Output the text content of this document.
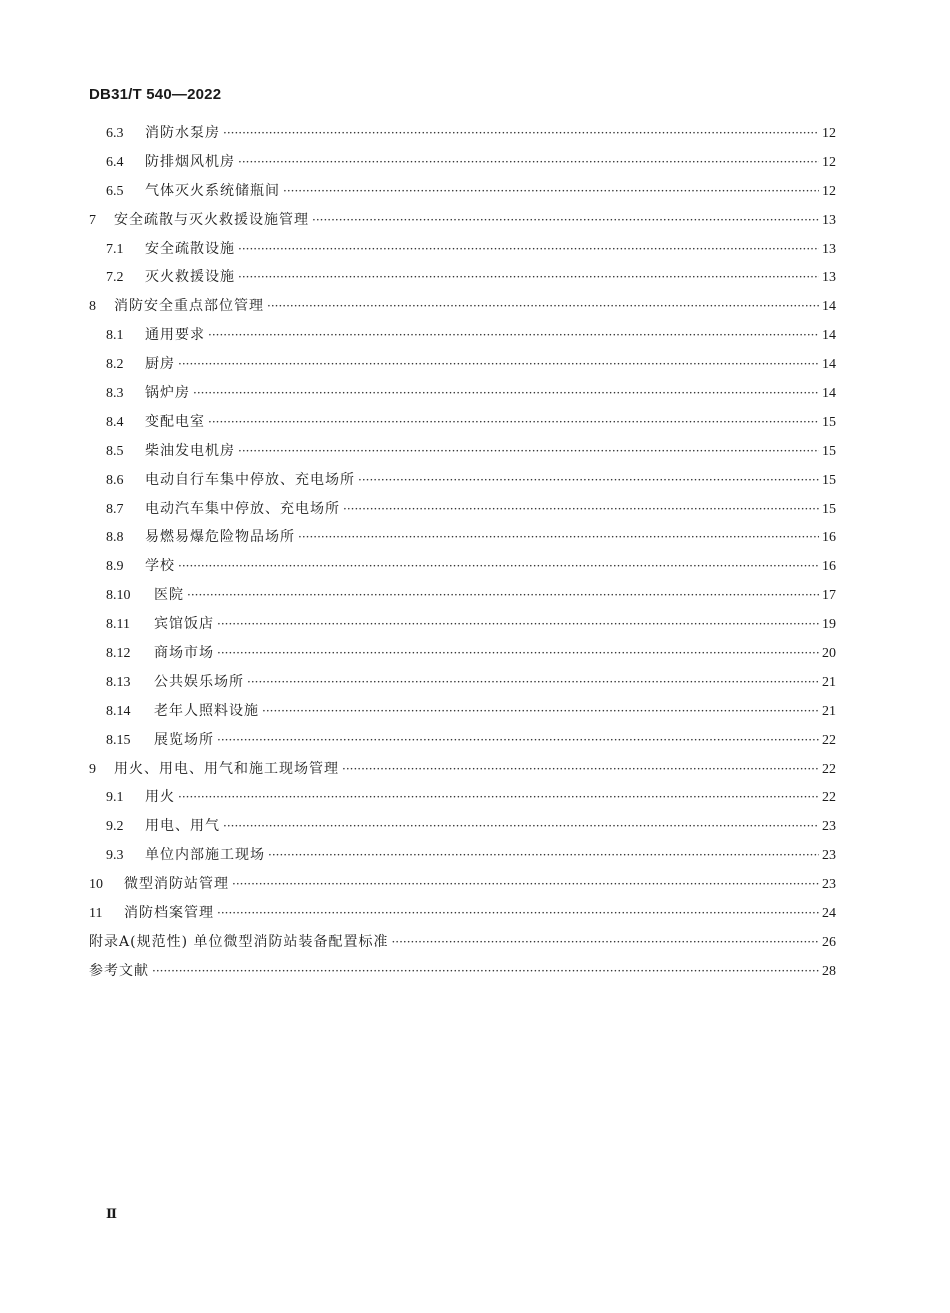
DB31/T 540—2022
6.3	消防水泵房 ·····	12
6.4	防排烟风机房 ·····	12
6.5	气体灭火系统储瓶间 ·····	12
7	安全疏散与灭火救援设施管理 ·····	13
7.1	安全疏散设施 ·····	13
7.2	灭火救援设施 ·····	13
8	消防安全重点部位管理 ·····	14
8.1	通用要求 ·····	14
8.2	厨房 ·····	14
8.3	锅炉房 ·····	14
8.4	变配电室 ·····	15
8.5	柴油发电机房 ·····	15
8.6	电动自行车集中停放、充电场所 ·····	15
8.7	电动汽车集中停放、充电场所 ·····	15
8.8	易燃易爆危险物品场所 ·····	16
8.9	学校 ·····	16
8.10	医院 ·····	17
8.11	宾馆饭店 ·····	19
8.12	商场市场 ·····	20
8.13	公共娱乐场所 ·····	21
8.14	老年人照料设施 ·····	21
8.15	展览场所 ·····	22
9	用火、用电、用气和施工现场管理 ·····	22
9.1	用火 ·····	22
9.2	用电、用气 ·····	23
9.3	单位内部施工现场 ·····	23
10	微型消防站管理 ·····	23
11	消防档案管理 ·····	24
附录A(规范性) 单位微型消防站装备配置标准 ·····	26
参考文献 ·····	28
Ⅱ
